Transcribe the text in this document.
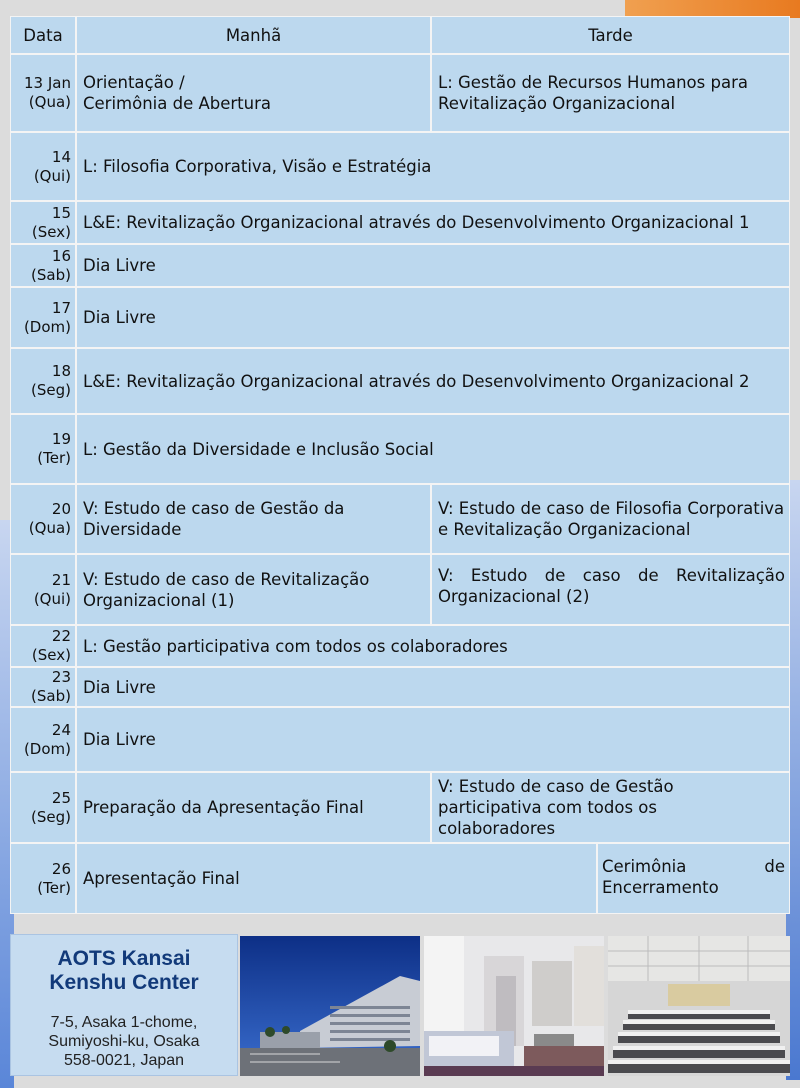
Data	Manhã	Tarde
13 Jan
(Qua)
Orientação /
Cerimônia de Abertura
L: Gestão de Recursos Humanos para
Revitalização Organizacional
14
(Qui) L: Filosofia Corporativa, Visão e Estratégia
15
(Sex) L&E: Revitalização Organizacional através do Desenvolvimento Organizacional 1
16
(Sab) Dia Livre
17
(Dom) Dia Livre
18
(Seg) L&E: Revitalização Organizacional através do Desenvolvimento Organizacional 2
19
(Ter) L: Gestão da Diversidade e Inclusão Social
20
(Qua)
V: Estudo de caso de Gestão da
Diversidade
V: Estudo de caso de Filosofia Corporativa
e Revitalização Organizacional
21
(Qui)
V: Estudo de caso de Revitalização
Organizacional (1)
V: Estudo de caso de Revitalização Organizacional (2)
22
(Sex) L: Gestão participativa com todos os colaboradores
23
(Sab) Dia Livre
24
(Dom) Dia Livre
25
(Seg) Preparação da Apresentação Final
V: Estudo de caso de Gestão
participativa com todos os
colaboradores
26
(Ter) Apresentação Final
Cerimônia de Encerramento
AOTS Kansai
Kenshu Center
7-5, Asaka 1-chome,
Sumiyoshi-ku, Osaka
558-0021, Japan
